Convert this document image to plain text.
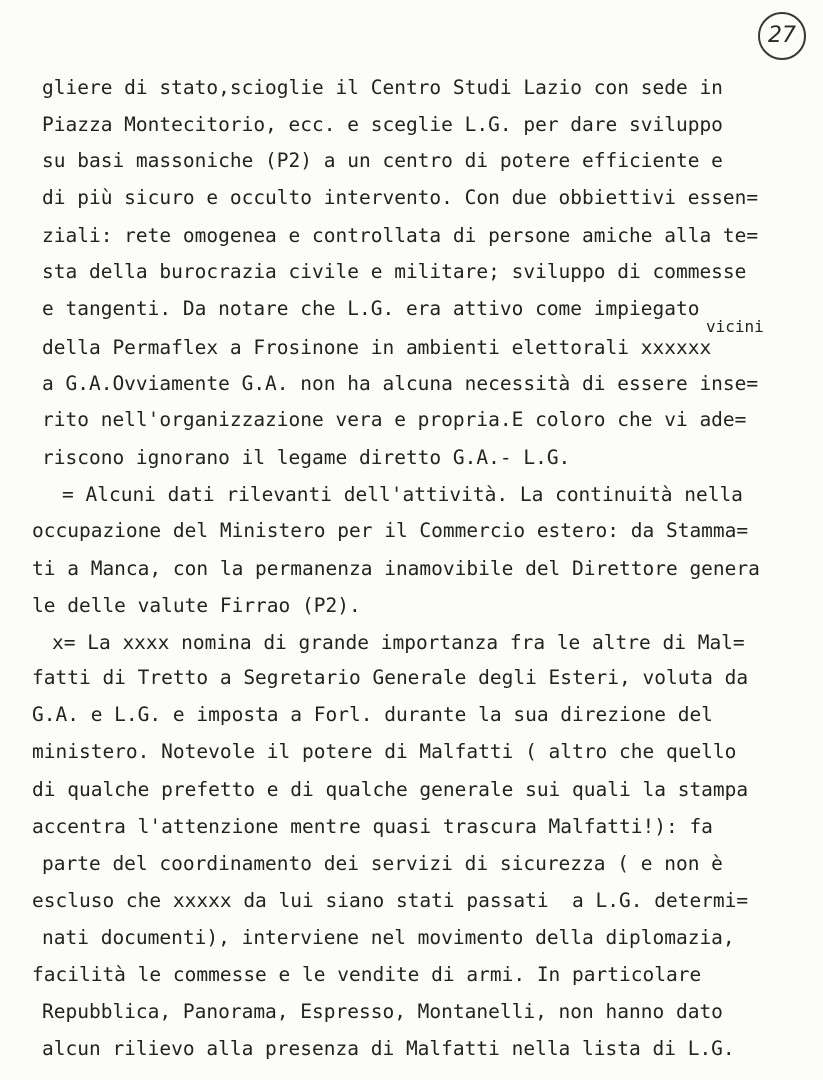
27
gliere di stato,scioglie il Centro Studi Lazio con sede in
Piazza Montecitorio, ecc. e sceglie L.G. per dare sviluppo
su basi massoniche (P2) a un centro di potere efficiente e
di più sicuro e occulto intervento. Con due obbiettivi essen=
ziali: rete omogenea e controllata di persone amiche alla te=
sta della burocrazia civile e militare; sviluppo di commesse
e tangenti. Da notare che L.G. era attivo come impiegato
vicini
della Permaflex a Frosinone in ambienti elettorali xxxxxx
a G.A.Ovviamente G.A. non ha alcuna necessità di essere inse=
rito nell'organizzazione vera e propria.E coloro che vi ade=
riscono ignorano il legame diretto G.A.- L.G.
= Alcuni dati rilevanti dell'attività. La continuità nella
occupazione del Ministero per il Commercio estero: da Stamma=
ti a Manca, con la permanenza inamovibile del Direttore genera
le delle valute Firrao (P2).
x= La xxxx nomina di grande importanza fra le altre di Mal=
fatti di Tretto a Segretario Generale degli Esteri, voluta da
G.A. e L.G. e imposta a Forl. durante la sua direzione del
ministero. Notevole il potere di Malfatti ( altro che quello
di qualche prefetto e di qualche generale sui quali la stampa
accentra l'attenzione mentre quasi trascura Malfatti!): fa
parte del coordinamento dei servizi di sicurezza ( e non è
escluso che xxxxx da lui siano stati passati  a L.G. determi=
nati documenti), interviene nel movimento della diplomazia,
facilità le commesse e le vendite di armi. In particolare
Repubblica, Panorama, Espresso, Montanelli, non hanno dato
alcun rilievo alla presenza di Malfatti nella lista di L.G.
